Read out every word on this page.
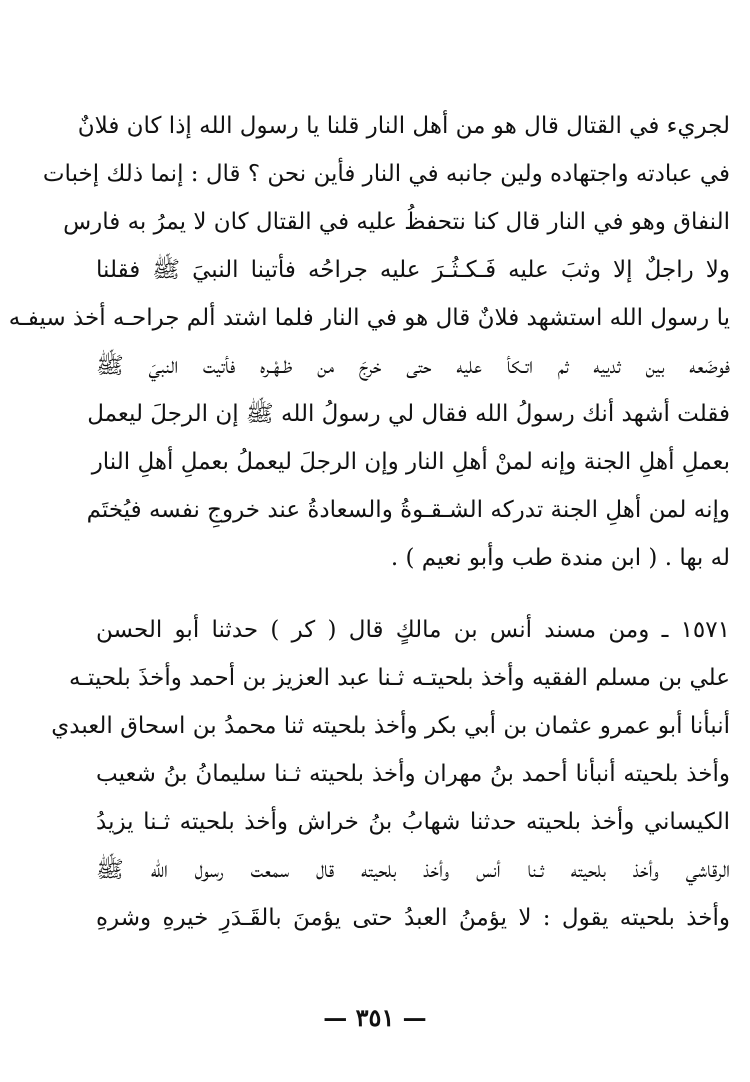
لجريء في القتال قال هو من أهل النار قلنا يا رسول الله إذا كان فلانٌ
في عبادته واجتهاده ولين جانبه في النار فأين نحن ؟ قال : إنما ذلك إخبات
النفاق وهو في النار قال كنا نتحفظُ عليه في القتال كان لا يمرُ به فارس
ولا راجلٌ إلا وثبَ عليه فَـكـثُـرَ عليه جراحُه فأتينا النبيَ ﷺ فقلنا
يا رسول الله استشهد فلانٌ قال هو في النار فلما اشتد ألم جراحـه أخذ سيفـه
فوضَعه بين ثدييه ثم اتـكأ عليه حتى خرجَ من ظـهْـره فأتيت النبيَ ﷺ
فقلت أشهد أنك رسولُ الله فقال لي رسولُ الله ﷺ إن الرجلَ ليعمل
بعملِ أهلِ الجنة وإنه لمنْ أهلِ النار وإن الرجلَ ليعملُ بعملِ أهلِ النار
وإنه لمن أهلِ الجنة تدركه الشـقـوةُ والسعادةُ عند خروجِ نفسه فيُختَم
له بها . ( ابن مندة طب وأبو نعيم ) .
١٥٧١ ـ ومن مسند أنس بن مالكٍ قال ( كر ) حدثنا أبو الحسن
علي بن مسلم الفقيه وأخذ بلحيتـه ثـنا عبد العزيز بن أحمد وأخذَ بلحيتـه
أنبأنا أبو عمرو عثمان بن أبي بكر وأخذ بلحيته ثنا محمدُ بن اسحاق العبدي
وأخذ بلحيته أنبأنا أحمد بنُ مهران وأخذ بلحيته ثـنا سليمانُ بنُ شعيب
الكيساني وأخذ بلحيته حدثنا شهابُ بنُ خراش وأخذ بلحيته ثـنا يزيدُ
الرقاشي وأخذ بلحيته ثـنا أنس وأخذ بلحيته قال سمعت رسول الله ﷺ
وأخذ بلحيته يقول : لا يؤمنُ العبدُ حتى يؤمنَ بالقَـدَرِ خيرهِ وشرهِ
— ٣٥١ —
